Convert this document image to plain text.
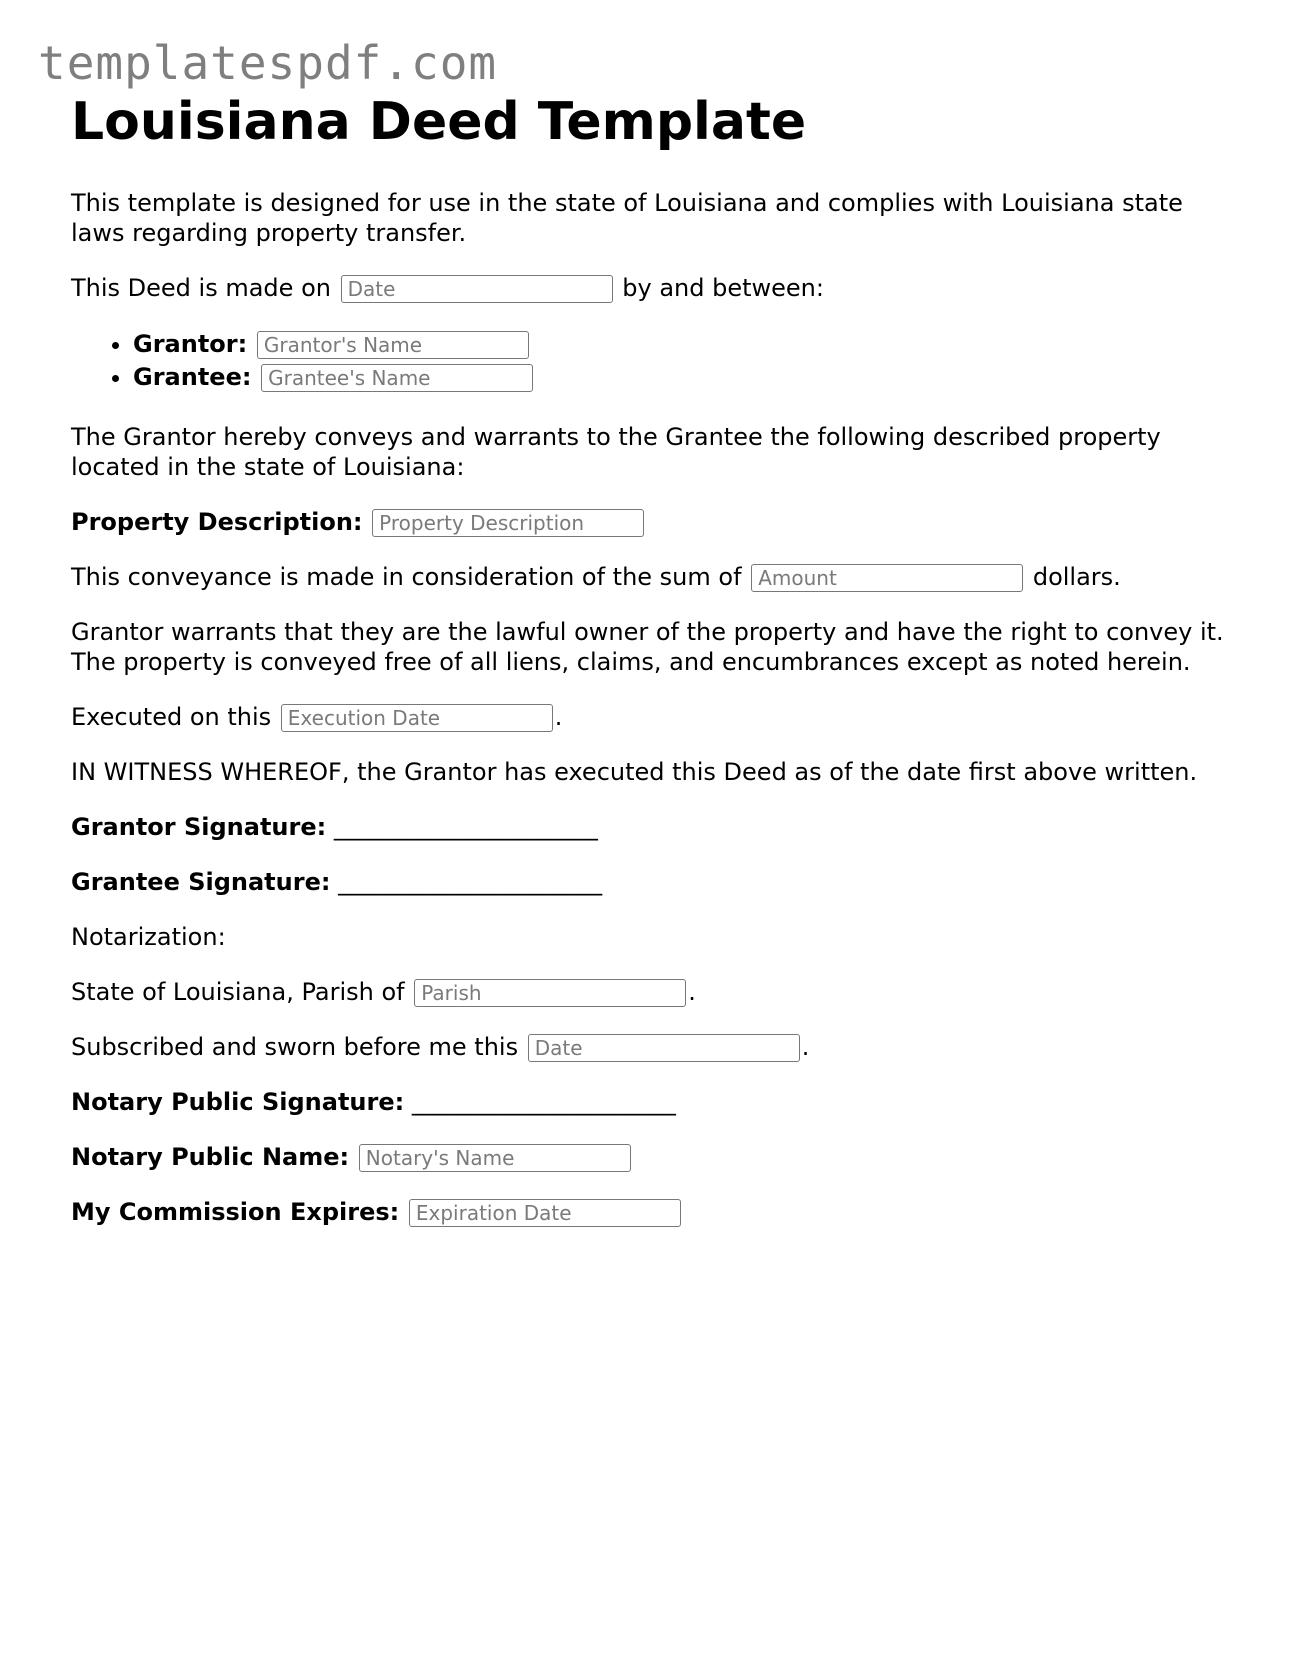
templatespdf.com
Louisiana Deed Template

This template is designed for use in the state of Louisiana and complies with Louisiana state laws regarding property transfer.

This Deed is made on Date	by and between:

• Grantor: Grantor's Name
• Grantee: Grantee's Name

The Grantor hereby conveys and warrants to the Grantee the following described property located in the state of Louisiana:

Property Description: Property Description

This conveyance is made in consideration of the sum of Amount	dollars.

Grantor warrants that they are the lawful owner of the property and have the right to convey it. The property is conveyed free of all liens, claims, and encumbrances except as noted herein.

Executed on this Execution Date	.

IN WITNESS WHEREOF, the Grantor has executed this Deed as of the date first above written.

Grantor Signature: ______________________

Grantee Signature: ______________________

Notarization:

State of Louisiana, Parish of Parish	.

Subscribed and sworn before me this Date	.

Notary Public Signature: ______________________

Notary Public Name: Notary's Name

My Commission Expires: Expiration Date
